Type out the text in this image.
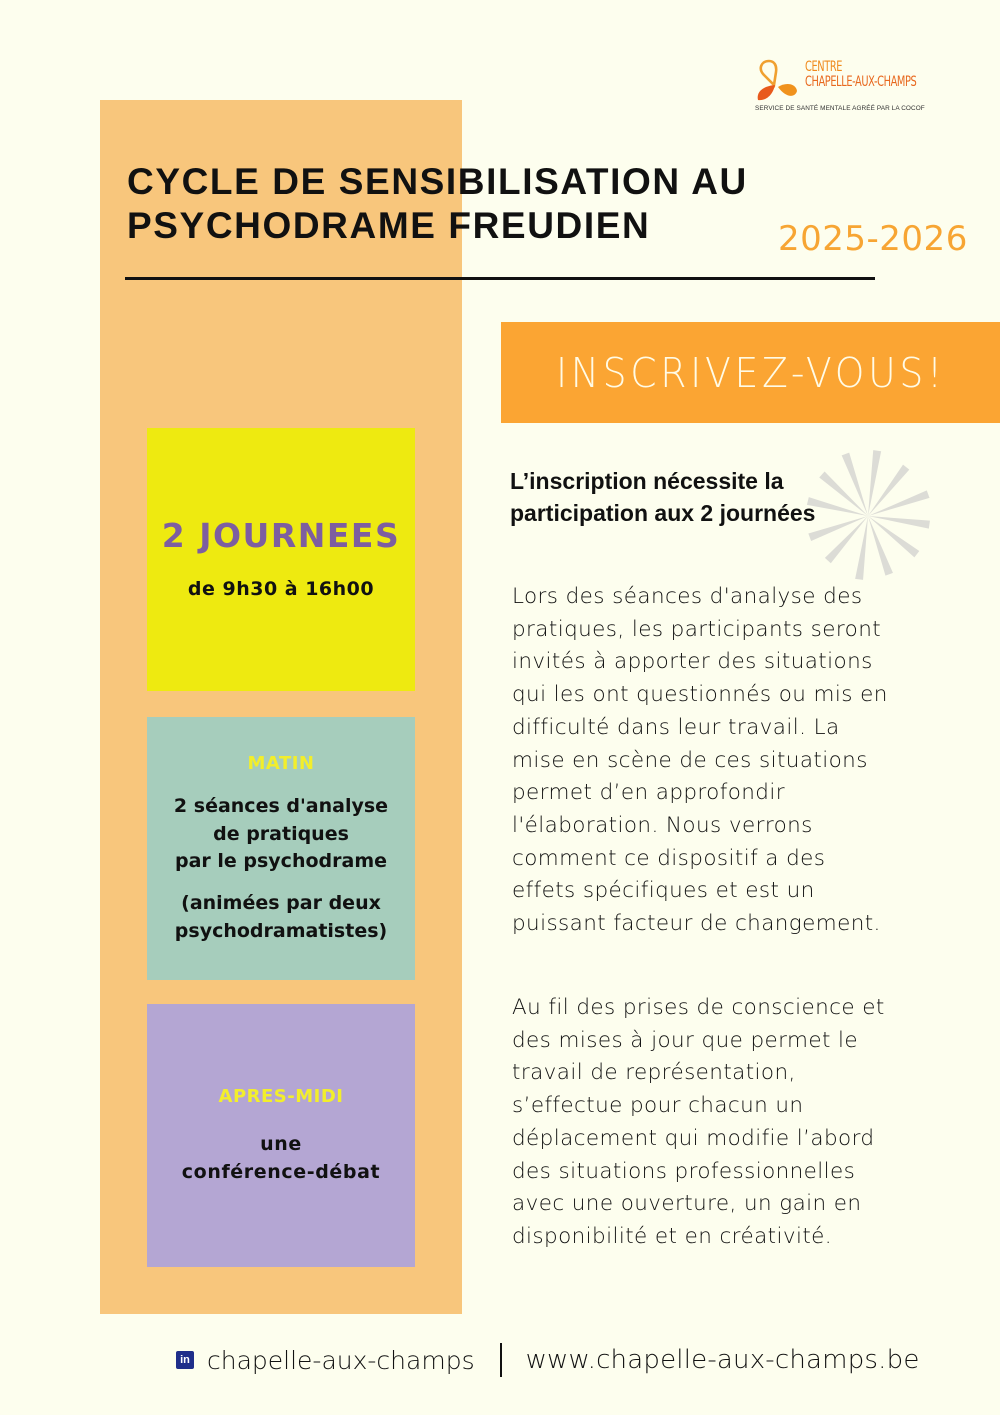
CENTRE
CHAPELLE-AUX-CHAMPS
SERVICE DE SANTÉ MENTALE AGRÉÉ PAR LA COCOF
CYCLE DE SENSIBILISATION AU
PSYCHODRAME FREUDIEN	2025-2026
INSCRIVEZ-VOUS!
2 JOURNEES
de 9h30 à 16h00
MATIN
2 séances d'analyse
de pratiques
par le psychodrame
(animées par deux
psychodramatistes)
APRES-MIDI
une
conférence-débat
L’inscription nécessite la
participation aux 2 journées
Lors des séances d'analyse des
pratiques, les participants seront
invités à apporter des situations
qui les ont questionnés ou mis en
difficulté dans leur travail. La
mise en scène de ces situations
permet d’en approfondir
l'élaboration. Nous verrons
comment ce dispositif a des
effets spécifiques et est un
puissant facteur de changement.
Au fil des prises de conscience et
des mises à jour que permet le
travail de représentation,
s’effectue pour chacun un
déplacement qui modifie l’abord
des situations professionnelles
avec une ouverture, un gain en
disponibilité et en créativité.
in chapelle-aux-champs www.chapelle-aux-champs.be
